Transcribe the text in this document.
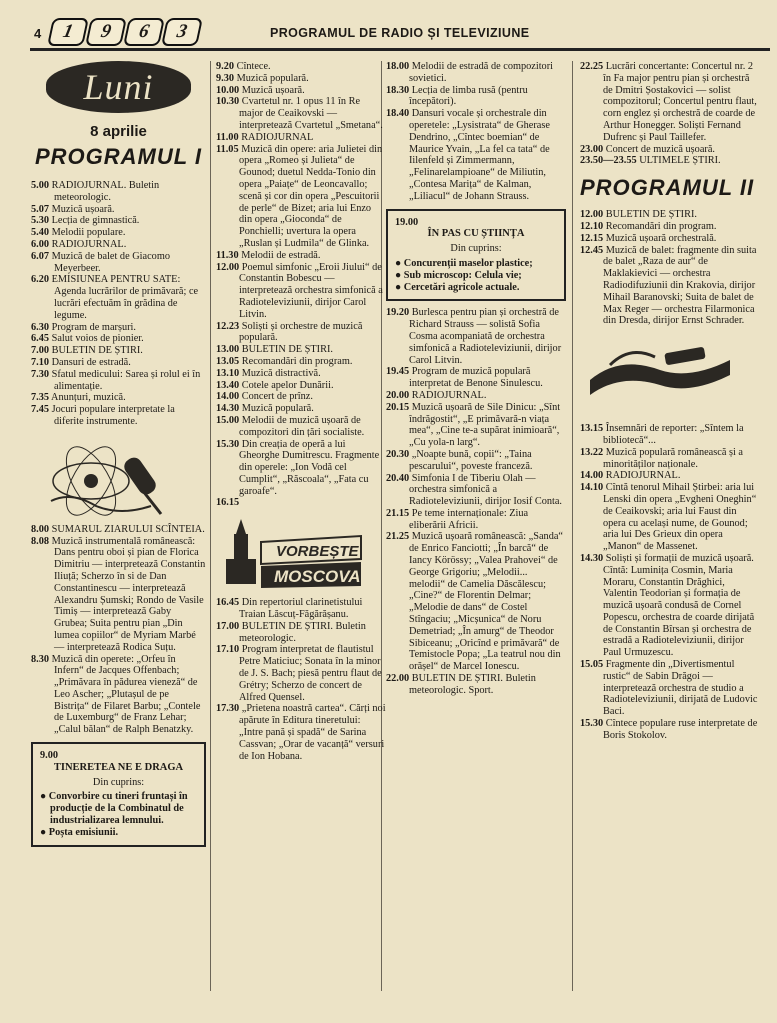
4	1	9	6	3	PROGRAMUL DE RADIO ȘI TELEVIZIUNE
Luni
8 aprilie
PROGRAMUL I
5.00 RADIOJURNAL. Buletin meteorologic.
5.07 Muzică ușoară.
5.30 Lecția de gimnastică.
5.40 Melodii populare.
6.00 RADIOJURNAL.
6.07 Muzică de balet de Giacomo Meyerbeer.
6.20 EMISIUNEA PENTRU SATE: Agenda lucrărilor de primăvară; ce lucrări efectuăm în grădina de legume.
6.30 Program de marșuri.
6.45 Salut voios de pionier.
7.00 BULETIN DE ȘTIRI.
7.10 Dansuri de estradă.
7.30 Sfatul medicului: Sarea și rolul ei în alimentație.
7.35 Anunțuri, muzică.
7.45 Jocuri populare interpretate la diferite instrumente.
8.00 SUMARUL ZIARULUI SCÎNTEIA.
8.08 Muzică instrumentală românească: Dans pentru oboi și pian de Florica Dimitriu — interpretează Constantin Iliuță; Scherzo în si de Dan Constantinescu — interpretează Alexandru Șumski; Rondo de Vasile Timiș — interpretează Gaby Grubea; Suita pentru pian „Din lumea copiilor“ de Myriam Marbé — interpretează Rodica Suțu.
8.30 Muzică din operete: „Orfeu în Infern“ de Jacques Offenbach; „Primăvara în pădurea vieneză“ de Leo Ascher; „Plutașul de pe Bistrița“ de Filaret Barbu; „Contele de Luxemburg“ de Franz Lehar; „Calul bălan“ de Ralph Benatzky.
9.00
TINERETEA NE E DRAGA
Din cuprins:
● Convorbire cu tineri fruntași în producție de la Combinatul de industrializarea lemnului.
● Poșta emisiunii.
9.20 Cîntece.
9.30 Muzică populară.
10.00 Muzică ușoară.
10.30 Cvartetul nr. 1 opus 11 în Re major de Ceaikovski — interpretează Cvartetul „Smetana“.
11.00 RADIOJURNAL
11.05 Muzică din opere: aria Julietei din opera „Romeo și Julieta“ de Gounod; duetul Nedda-Tonio din opera „Paiațe“ de Leoncavallo; scenă și cor din opera „Pescuitorii de perle“ de Bizet; aria lui Enzo din opera „Gioconda“ de Ponchielli; uvertura la opera „Ruslan și Ludmila“ de Glinka.
11.30 Melodii de estradă.
12.00 Poemul simfonic „Eroii Jiului“ de Constantin Bobescu — interpretează orchestra simfonică a Radioteleviziunii, dirijor Carol Litvin.
12.23 Soliști și orchestre de muzică populară.
13.00 BULETIN DE ȘTIRI.
13.05 Recomandări din program.
13.10 Muzică distractivă.
13.40 Cotele apelor Dunării.
14.00 Concert de prînz.
14.30 Muzică populară.
15.00 Melodii de muzică ușoară de compozitori din țări socialiste.
15.30 Din creația de operă a lui Gheorghe Dumitrescu. Fragmente din operele: „Ion Vodă cel Cumplit“, „Răscoala“, „Fata cu garoafe“.
16.15
VORBEȘTE
MOSCOVA
16.45 Din repertoriul clarinetistului Traian Lăscuț-Făgărășanu.
17.00 BULETIN DE ȘTIRI. Buletin meteorologic.
17.10 Program interpretat de flautistul Petre Maticiuc; Sonata în la minor de J. S. Bach; piesă pentru flaut de Grétry; Scherzo de concert de Alfred Quensel.
17.30 „Prietena noastră cartea“. Cărți noi apărute în Editura tineretului: „Intre pană și spadă“ de Sarina Cassvan; „Orar de vacanță“ versuri de Ion Hobana.
18.00 Melodii de estradă de compozitori sovietici.
18.30 Lecția de limba rusă (pentru începători).
18.40 Dansuri vocale și orchestrale din operetele: „Lysistrata“ de Gherase Dendrino, „Cîntec boemian“ de Maurice Yvain, „La fel ca tata“ de Iilenfeld și Zimmermann, „Felinarelampioane“ de Miliutin, „Contesa Marița“ de Kalman, „Liliacul“ de Johann Strauss.
19.00
ÎN PAS CU ȘTIINȚA
Din cuprins:
● Concurenții maselor plastice;
● Sub microscop: Celula vie;
● Cercetări agricole actuale.
19.20 Burlesca pentru pian și orchestră de Richard Strauss — solistă Sofia Cosma acompaniată de orchestra simfonică a Radioteleviziunii, dirijor Carol Litvin.
19.45 Program de muzică populară interpretat de Benone Sinulescu.
20.00 RADIOJURNAL.
20.15 Muzică ușoară de Sile Dinicu: „Sînt îndrăgostit“, „E primăvară-n viața mea“, „Cine te-a supărat inimioară“, „Cu yola-n larg“.
20.30 „Noapte bună, copii“: „Taina pescarului“, poveste franceză.
20.40 Simfonia I de Tiberiu Olah — orchestra simfonică a Radioteleviziunii, dirijor Iosif Conta.
21.15 Pe teme internaționale: Ziua eliberării Africii.
21.25 Muzică ușoară românească: „Sanda“ de Enrico Fanciotti; „În barcă“ de Iancy Körössy; „Valea Prahovei“ de George Grigoriu; „Melodii... melodii“ de Camelia Dăscălescu; „Cine?“ de Florentin Delmar; „Melodie de dans“ de Costel Stîngaciu; „Micșunica“ de Noru Demetriad; „În amurg“ de Theodor Sibiceanu; „Oricînd e primăvară“ de Temistocle Popa; „La teatrul nou din orășel“ de Marcel Ionescu.
22.00 BULETIN DE ȘTIRI. Buletin meteorologic. Sport.
22.25 Lucrări concertante: Concertul nr. 2 în Fa major pentru pian și orchestră de Dmitri Șostakovici — solist compozitorul; Concertul pentru flaut, corn englez și orchestră de coarde de Arthur Honegger. Soliști Fernand Dufrenc și Paul Taillefer.
23.00 Concert de muzică ușoară.
23.50—23.55 ULTIMELE ȘTIRI.
PROGRAMUL II
12.00 BULETIN DE ȘTIRI.
12.10 Recomandări din program.
12.15 Muzică ușoară orchestrală.
12.45 Muzică de balet: fragmente din suita de balet „Raza de aur“ de Maklakievici — orchestra Radiodifuziunii din Krakovia, dirijor Mihail Baranovski; Suita de balet de Max Reger — orchestra Filarmonica din Dresda, dirijor Ernst Schrader.
13.15 Însemnări de reporter: „Sîntem la bibliotecă“...
13.22 Muzică populară românească și a minorităților naționale.
14.00 RADIOJURNAL.
14.10 Cîntă tenorul Mihail Știrbei: aria lui Lenski din opera „Evgheni Oneghin“ de Ceaikovski; aria lui Faust din opera cu același nume, de Gounod; aria lui Des Grieux din opera „Manon“ de Massenet.
14.30 Soliști și formații de muzică ușoară. Cîntă: Luminița Cosmin, Maria Moraru, Constantin Drăghici, Valentin Teodorian și formația de muzică ușoară condusă de Cornel Popescu, orchestra de coarde dirijată de Constantin Bîrsan și orchestra de estradă a Radioteleviziunii, dirijor Paul Urmuzescu.
15.05 Fragmente din „Divertismentul rustic“ de Sabin Drăgoi — interpretează orchestra de studio a Radioteleviziunii, dirijată de Ludovic Baci.
15.30 Cîntece populare ruse interpretate de Boris Stokolov.
